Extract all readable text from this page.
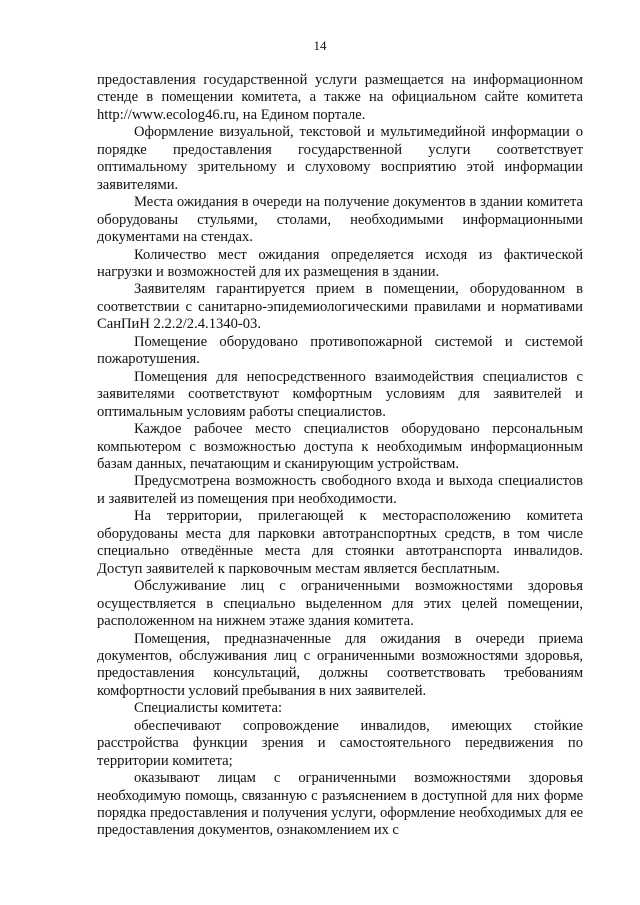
14

предоставления государственной услуги размещается на информационном стенде в помещении комитета, а также на официальном сайте комитета http://www.ecolog46.ru, на Едином портале.

Оформление визуальной, текстовой и мультимедийной информации о порядке предоставления государственной услуги соответствует оптимальному зрительному и слуховому восприятию этой информации заявителями.

Места ожидания в очереди на получение документов в здании комитета оборудованы стульями, столами, необходимыми информационными документами на стендах.

Количество мест ожидания определяется исходя из фактической нагрузки и возможностей для их размещения в здании.

Заявителям гарантируется прием в помещении, оборудованном в соответствии с санитарно-эпидемиологическими правилами и нормативами СанПиН 2.2.2/2.4.1340-03.

Помещение оборудовано противопожарной системой и системой пожаротушения.

Помещения для непосредственного взаимодействия специалистов с заявителями соответствуют комфортным условиям для заявителей и оптимальным условиям работы специалистов.

Каждое рабочее место специалистов оборудовано персональным компьютером с возможностью доступа к необходимым информационным базам данных, печатающим и сканирующим устройствам.

Предусмотрена возможность свободного входа и выхода специалистов и заявителей из помещения при необходимости.

На территории, прилегающей к месторасположению комитета оборудованы места для парковки автотранспортных средств, в том числе специально отведённые места для стоянки автотранспорта инвалидов. Доступ заявителей к парковочным местам является бесплатным.

Обслуживание лиц с ограниченными возможностями здоровья осуществляется в специально выделенном для этих целей помещении, расположенном на нижнем этаже здания комитета.

Помещения, предназначенные для ожидания в очереди приема документов, обслуживания лиц с ограниченными возможностями здоровья, предоставления консультаций, должны соответствовать требованиям комфортности условий пребывания в них заявителей.

Специалисты комитета:

обеспечивают сопровождение инвалидов, имеющих стойкие расстройства функции зрения и самостоятельного передвижения по территории комитета;

оказывают лицам с ограниченными возможностями здоровья необходимую помощь, связанную с разъяснением в доступной для них форме порядка предоставления и получения услуги, оформление необходимых для ее предоставления документов, ознакомлением их с
